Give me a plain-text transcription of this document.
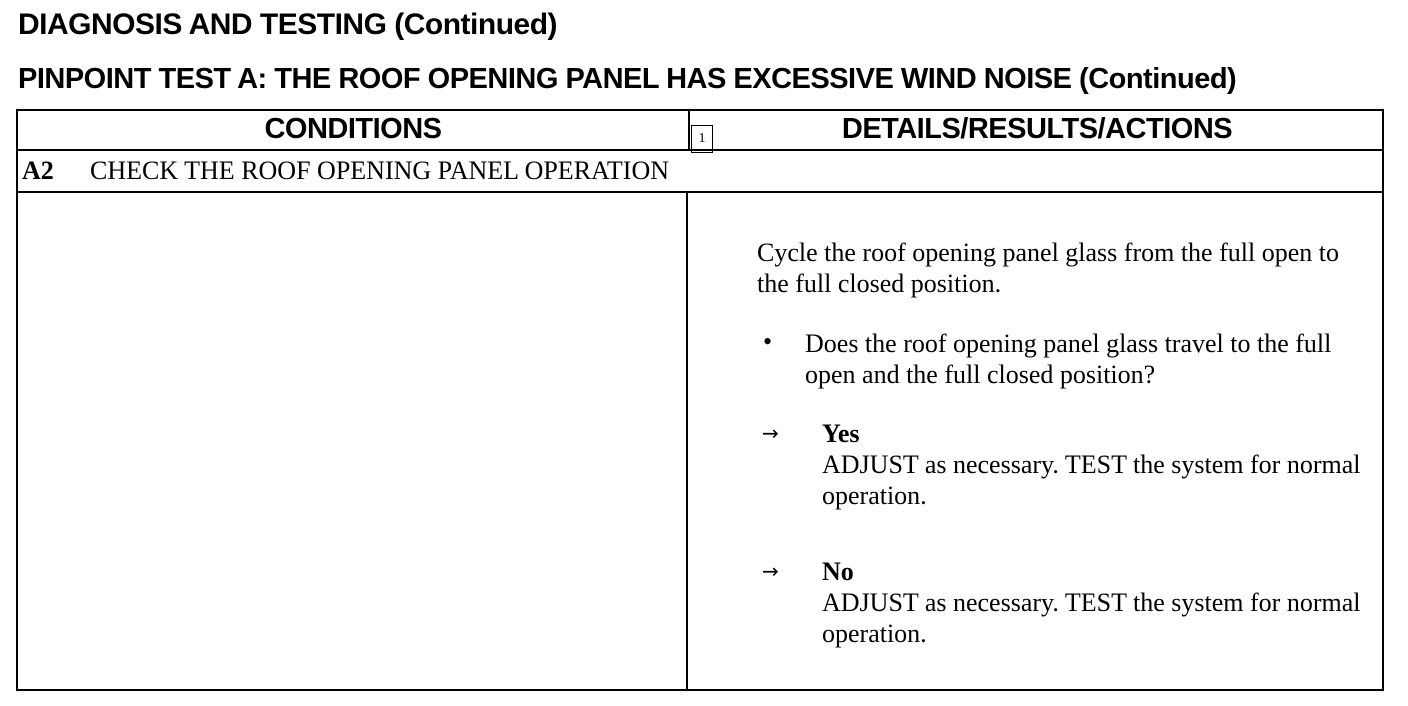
DIAGNOSIS AND TESTING (Continued)
PINPOINT TEST A: THE ROOF OPENING PANEL HAS EXCESSIVE WIND NOISE (Continued)
CONDITIONS	DETAILS/RESULTS/ACTIONS
A2 CHECK THE ROOF OPENING PANEL OPERATION
1
Cycle the roof opening panel glass from the full open to the full closed position.
• Does the roof opening panel glass travel to the full open and the full closed position?
→ Yes
ADJUST as necessary. TEST the system for normal operation.
→ No
ADJUST as necessary. TEST the system for normal operation.
